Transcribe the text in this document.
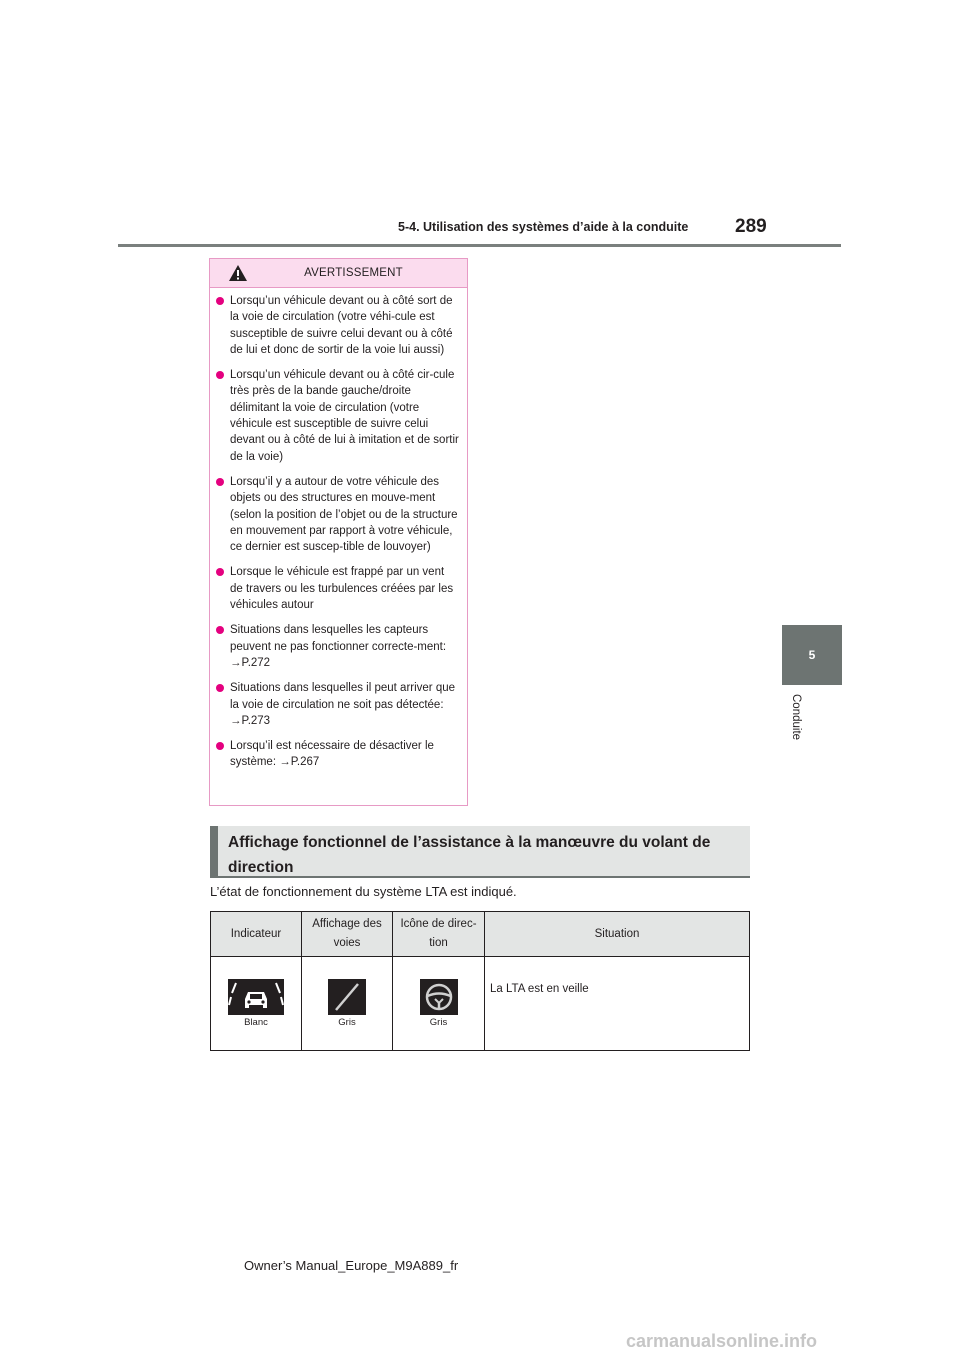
5-4. Utilisation des systèmes d’aide à la conduite 289
5
Conduite
AVERTISSEMENT
Lorsqu’un véhicule devant ou à côté sort de la voie de circulation (votre véhi-cule est susceptible de suivre celui devant ou à côté de lui et donc de sortir de la voie lui aussi)
Lorsqu’un véhicule devant ou à côté cir-cule très près de la bande gauche/droite délimitant la voie de circulation (votre véhicule est susceptible de suivre celui devant ou à côté de lui à imitation et de sortir de la voie)
Lorsqu’il y a autour de votre véhicule des objets ou des structures en mouve-ment (selon la position de l’objet ou de la structure en mouvement par rapport à votre véhicule, ce dernier est suscep-tible de louvoyer)
Lorsque le véhicule est frappé par un vent de travers ou les turbulences créées par les véhicules autour
Situations dans lesquelles les capteurs peuvent ne pas fonctionner correcte-ment: →P.272
Situations dans lesquelles il peut arriver que la voie de circulation ne soit pas détectée: →P.273
Lorsqu’il est nécessaire de désactiver le système: →P.267
Affichage fonctionnel de l’assistance à la manœuvre du volant de direction
L’état de fonctionnement du système LTA est indiqué.
Indicateur	Affichage des voies	Icône de direc-tion	Situation

Blanc	Gris	Gris	La LTA est en veille
Owner’s Manual_Europe_M9A889_fr
carmanualsonline.info
